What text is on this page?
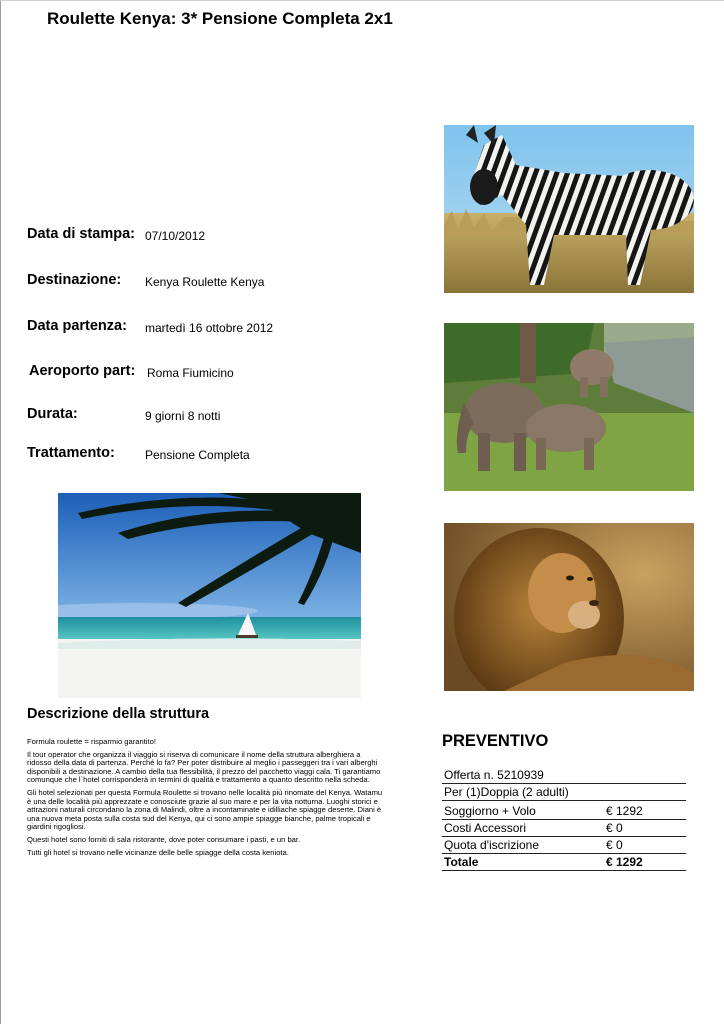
Roulette Kenya: 3* Pensione Completa 2x1
Data di stampa: 07/10/2012
Destinazione: Kenya Roulette Kenya
Data partenza: martedì 16 ottobre 2012
Aeroporto part: Roma Fiumicino
Durata:	9 giorni 8 notti
Trattamento:	Pensione Completa
Descrizione della struttura

Formula roulette = risparmio garantito!

Il tour operator che organizza il viaggio si riserva di comunicare il nome della struttura alberghiera a ridosso della data di partenza. Perché lo fa? Per poter distribuire al meglio i passeggeri tra i vari alberghi disponibili a destinazione. A cambio della tua flessibilità, il prezzo del pacchetto viaggi cala. Ti garantiamo comunque che l`hotel corrisponderà in termini di qualità e trattamento a quanto descritto nella scheda.

Gli hotel selezionati per questa Formula Roulette si trovano nelle località più rinomate del Kenya. Watamu è una delle località più apprezzate e conosciute grazie al suo mare e per la vita notturna. Luoghi storici e attrazioni naturali circondano la zona di Malindi, oltre a incontaminate e idilliache spiagge deserte. Diani è una nuova meta posta sulla costa sud del Kenya, qui ci sono ampie spiagge bianche, palme tropicali e giardini rigogliosi.

Questi hotel sono forniti di sala ristorante, dove poter consumare i pasti, e un bar.

Tutti gli hotel si trovano nelle vicinanze delle belle spiagge della costa keniota.

PREVENTIVO
Offerta n. 5210939	
Per (1)Doppia (2 adulti)	

Soggiorno + Volo	€ 1292
Costi Accessori	€ 0
Quota d'iscrizione	€ 0
Totale	€ 1292
